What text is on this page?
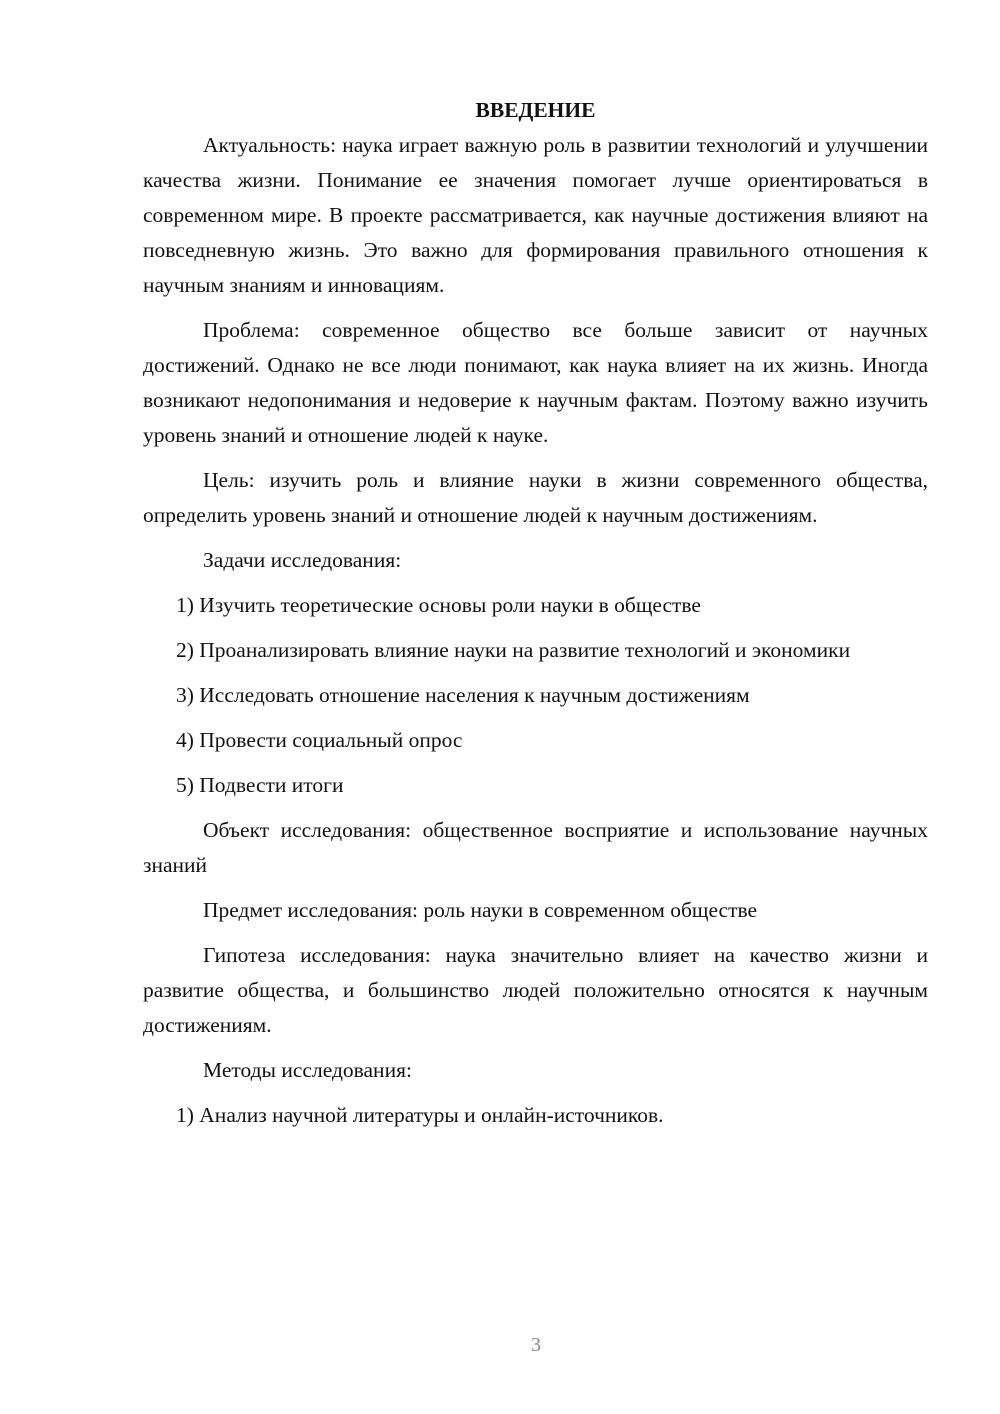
ВВЕДЕНИЕ

Актуальность: наука играет важную роль в развитии технологий и улучшении качества жизни. Понимание ее значения помогает лучше ориентироваться в современном мире. В проекте рассматривается, как научные достижения влияют на повседневную жизнь. Это важно для формирования правильного отношения к научным знаниям и инновациям.

Проблема: современное общество все больше зависит от научных достижений. Однако не все люди понимают, как наука влияет на их жизнь. Иногда возникают недопонимания и недоверие к научным фактам. Поэтому важно изучить уровень знаний и отношение людей к науке.

Цель: изучить роль и влияние науки в жизни современного общества, определить уровень знаний и отношение людей к научным достижениям.

Задачи исследования:

1) Изучить теоретические основы роли науки в обществе

2) Проанализировать влияние науки на развитие технологий и экономики

3) Исследовать отношение населения к научным достижениям

4) Провести социальный опрос

5) Подвести итоги

Объект исследования: общественное восприятие и использование научных знаний

Предмет исследования: роль науки в современном обществе

Гипотеза исследования: наука значительно влияет на качество жизни и развитие общества, и большинство людей положительно относятся к научным достижениям.

Методы исследования:

1) Анализ научной литературы и онлайн-источников.

3
